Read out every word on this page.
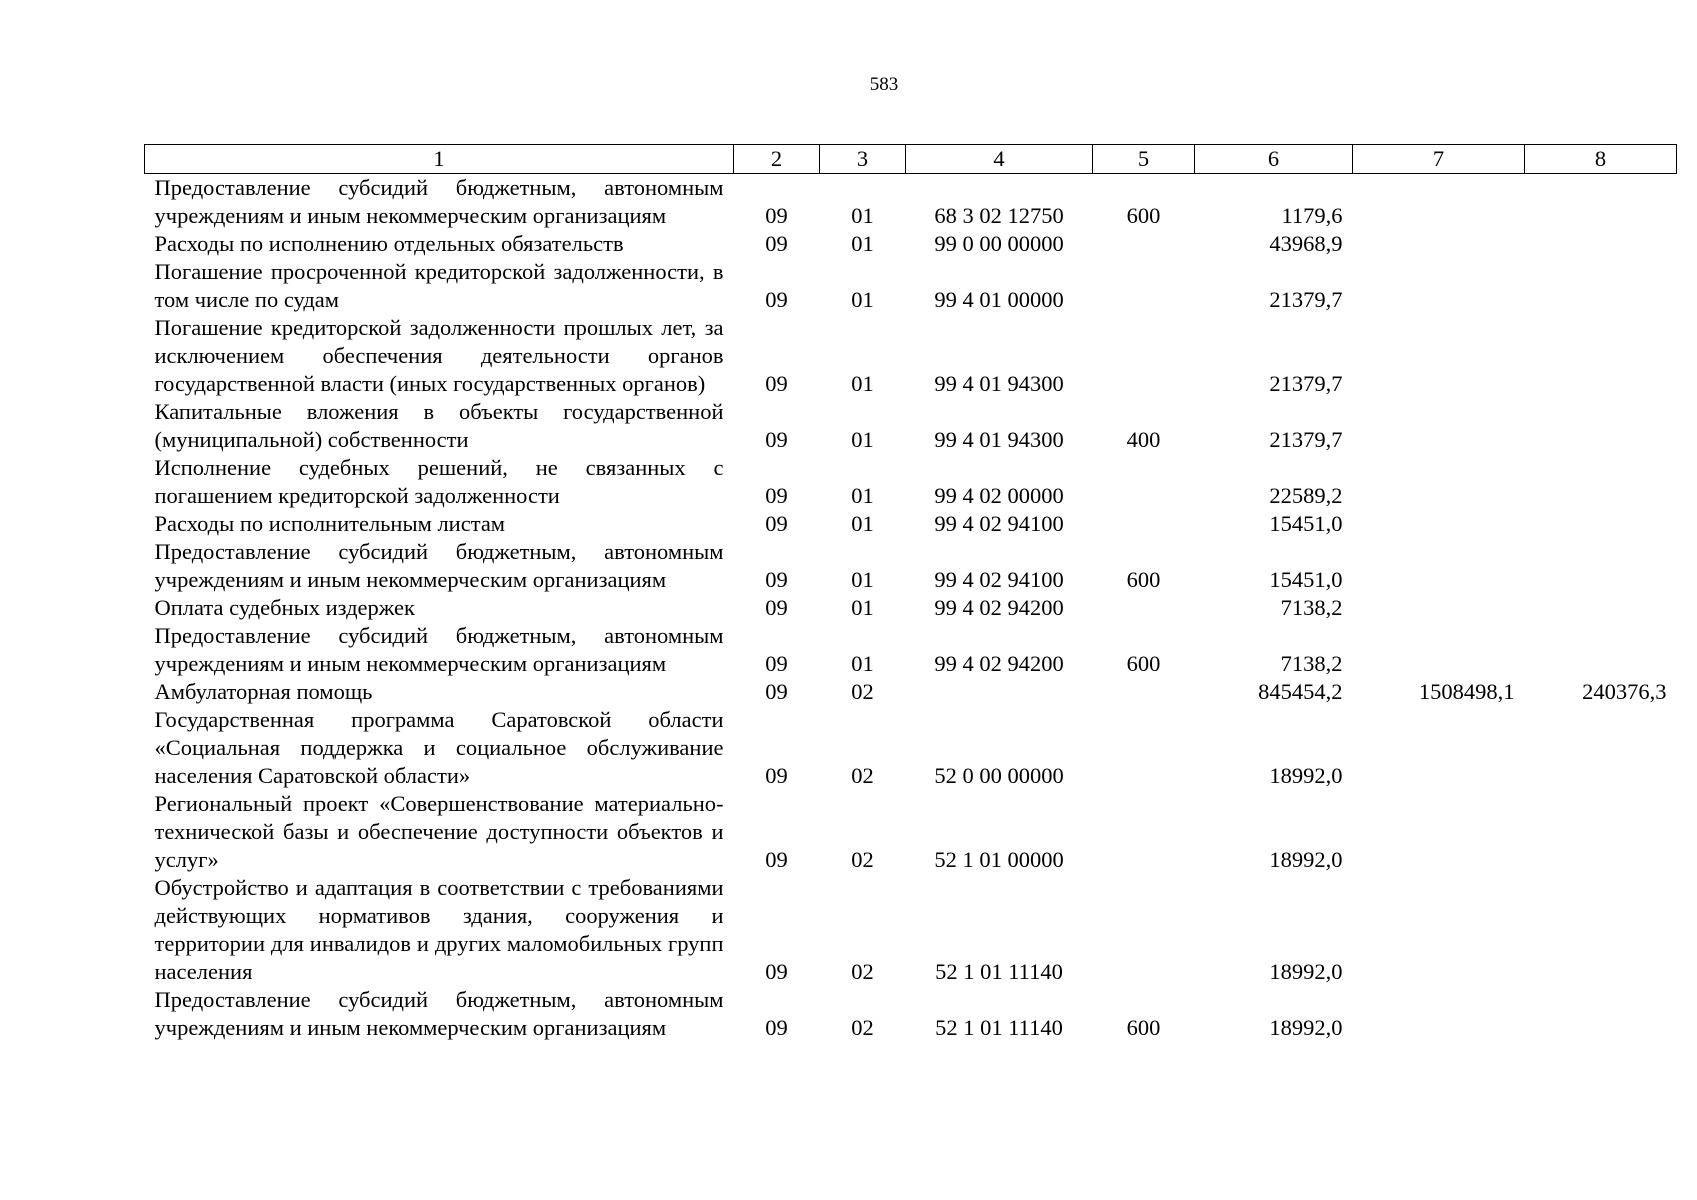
583
1	2	3	4	5	6	7	8
Предоставление субсидий бюджетным, автономным учреждениям и иным некоммерческим организациям	09	01	68 3 02 12750	600	1179,6		
Расходы по исполнению отдельных обязательств	09	01	99 0 00 00000		43968,9		
Погашение просроченной кредиторской задолженности, в том числе по судам	09	01	99 4 01 00000		21379,7		
Погашение кредиторской задолженности прошлых лет, за исключением обеспечения деятельности органов государственной власти (иных государственных органов)	09	01	99 4 01 94300		21379,7		
Капитальные вложения в объекты государственной (муниципальной) собственности	09	01	99 4 01 94300	400	21379,7		
Исполнение судебных решений, не связанных с погашением кредиторской задолженности	09	01	99 4 02 00000		22589,2		
Расходы по исполнительным листам	09	01	99 4 02 94100		15451,0		
Предоставление субсидий бюджетным, автономным учреждениям и иным некоммерческим организациям	09	01	99 4 02 94100	600	15451,0		
Оплата судебных издержек	09	01	99 4 02 94200		7138,2		
Предоставление субсидий бюджетным, автономным учреждениям и иным некоммерческим организациям	09	01	99 4 02 94200	600	7138,2		
Амбулаторная помощь	09	02			845454,2	1508498,1	240376,3
Государственная программа Саратовской области «Социальная поддержка и социальное обслуживание населения Саратовской области»	09	02	52 0 00 00000		18992,0		
Региональный проект «Совершенствование материально-технической базы и обеспечение доступности объектов и услуг»	09	02	52 1 01 00000		18992,0		
Обустройство и адаптация в соответствии с требованиями действующих нормативов здания, сооружения и территории для инвалидов и других маломобильных групп населения	09	02	52 1 01 11140		18992,0		
Предоставление субсидий бюджетным, автономным учреждениям и иным некоммерческим организациям	09	02	52 1 01 11140	600	18992,0		
